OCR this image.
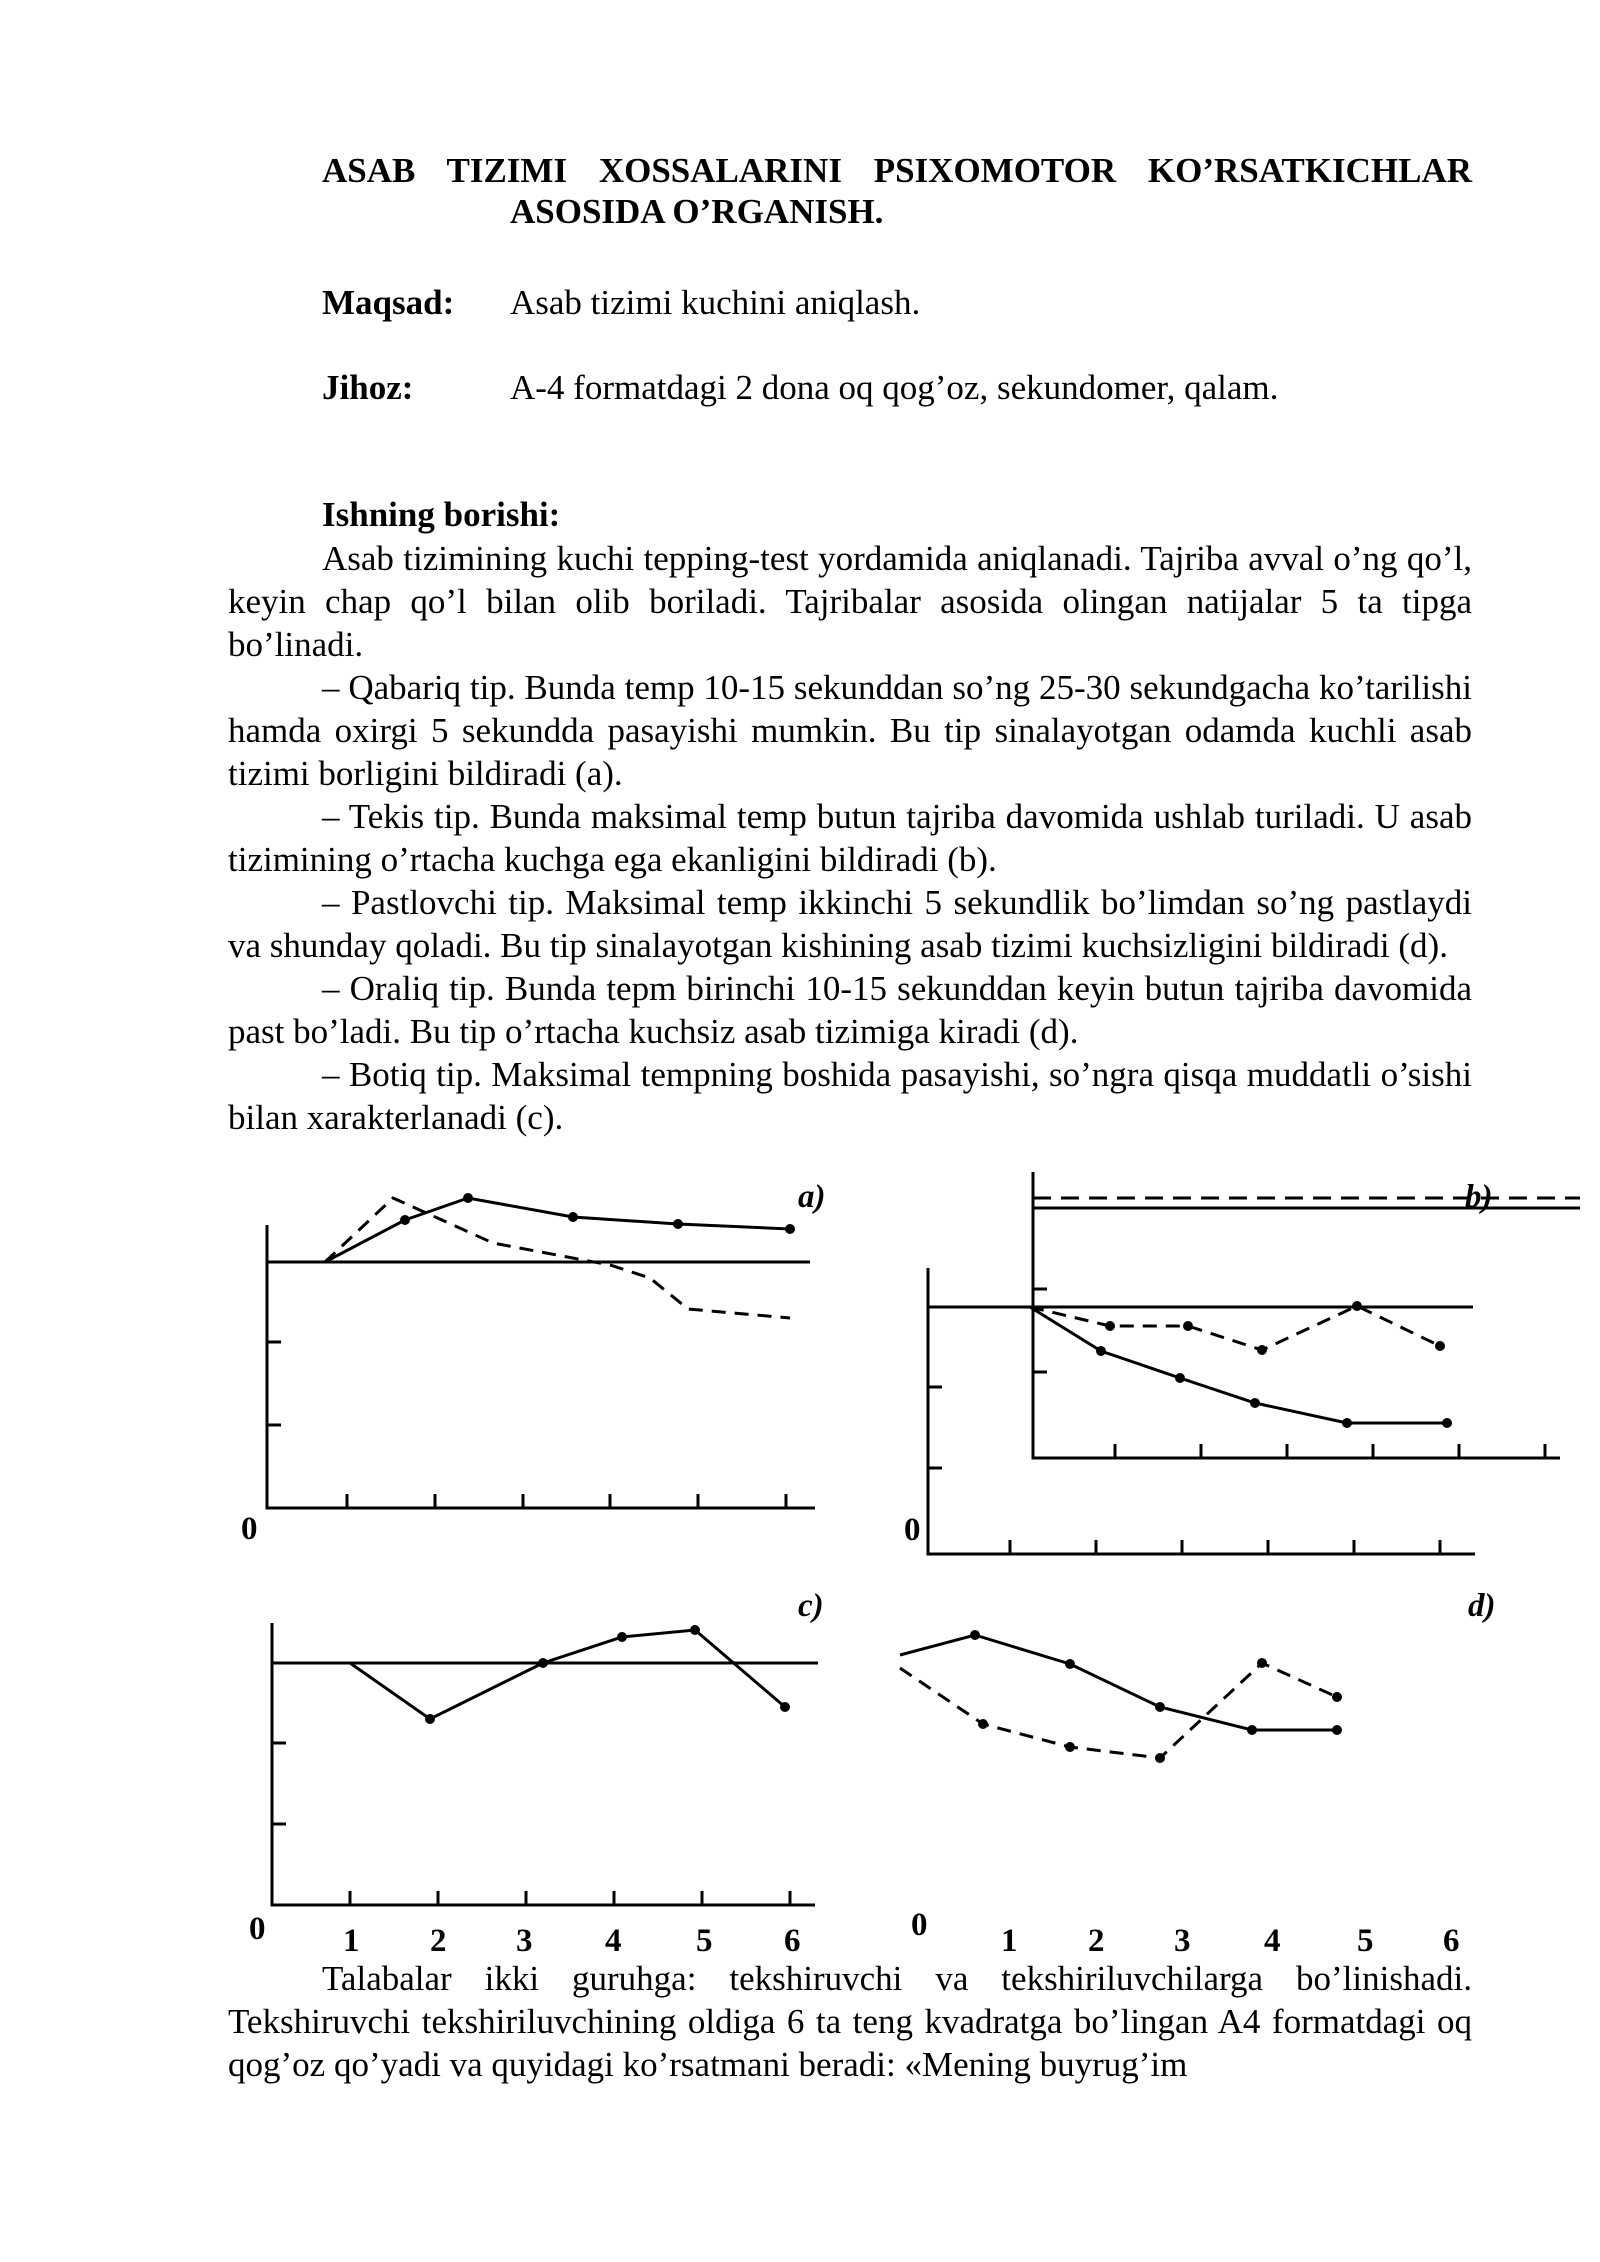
ASAB TIZIMI XOSSALARINI PSIXOMOTOR KO’RSATKICHLAR
ASOSIDA O’RGANISH.
Maqsad: Asab tizimi kuchini aniqlash.
Jihoz:	A-4 formatdagi 2 dona oq qog’oz, sekundomer, qalam.
Ishning borishi:

Asab tizimining kuchi tepping-test yordamida aniqlanadi. Tajriba avval o’ng qo’l, keyin chap qo’l bilan olib boriladi. Tajribalar asosida olingan natijalar 5 ta tipga bo’linadi.

– Qabariq tip. Bunda temp 10-15 sekunddan so’ng 25-30 sekundgacha ko’tarilishi hamda oxirgi 5 sekundda pasayishi mumkin. Bu tip sinalayotgan odamda kuchli asab tizimi borligini bildiradi (a).

– Tekis tip. Bunda maksimal temp butun tajriba davomida ushlab turiladi. U asab tizimining o’rtacha kuchga ega ekanligini bildiradi (b).

– Pastlovchi tip. Maksimal temp ikkinchi 5 sekundlik bo’limdan so’ng pastlaydi va shunday qoladi. Bu tip sinalayotgan kishining asab tizimi kuchsizligini bildiradi (d).

– Oraliq tip. Bunda tepm birinchi 10-15 sekunddan keyin butun tajriba davomida past bo’ladi. Bu tip o’rtacha kuchsiz asab tizimiga kiradi (d).

– Botiq tip. Maksimal tempning boshida pasayishi, so’ngra qisqa muddatli o’sishi bilan xarakterlanadi (c).

a)	b)
c)	d)
0	0
0	0
1 2 3 4 5 6	1 2 3 4 5 6

Talabalar ikki guruhga: tekshiruvchi va tekshiriluvchilarga bo’linishadi. Tekshiruvchi tekshiriluvchining oldiga 6 ta teng kvadratga bo’lingan A4 formatdagi oq qog’oz qo’yadi va quyidagi ko’rsatmani beradi: «Mening buyrug’im
